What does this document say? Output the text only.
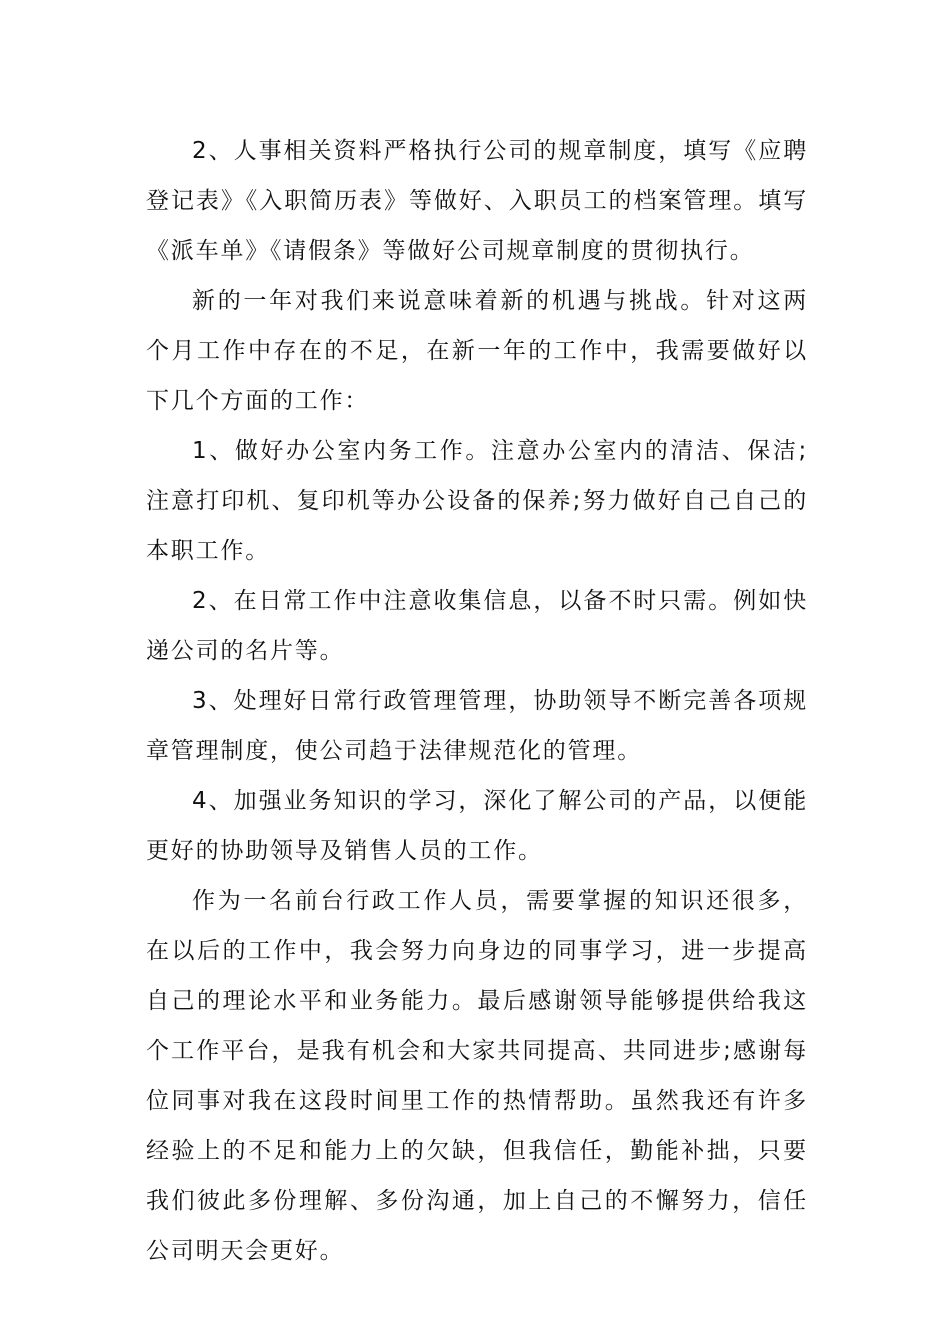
2、人事相关资料严格执行公司的规章制度，填写《应聘登记表》《入职简历表》等做好、入职员工的档案管理。填写《派车单》《请假条》等做好公司规章制度的贯彻执行。

新的一年对我们来说意味着新的机遇与挑战。针对这两个月工作中存在的不足，在新一年的工作中，我需要做好以下几个方面的工作：

1、做好办公室内务工作。注意办公室内的清洁、保洁;注意打印机、复印机等办公设备的保养;努力做好自己自己的本职工作。

2、在日常工作中注意收集信息，以备不时只需。例如快递公司的名片等。

3、处理好日常行政管理管理，协助领导不断完善各项规章管理制度，使公司趋于法律规范化的管理。

4、加强业务知识的学习，深化了解公司的产品，以便能更好的协助领导及销售人员的工作。

作为一名前台行政工作人员，需要掌握的知识还很多，在以后的工作中，我会努力向身边的同事学习，进一步提高自己的理论水平和业务能力。最后感谢领导能够提供给我这个工作平台，是我有机会和大家共同提高、共同进步;感谢每位同事对我在这段时间里工作的热情帮助。虽然我还有许多经验上的不足和能力上的欠缺，但我信任，勤能补拙，只要我们彼此多份理解、多份沟通，加上自己的不懈努力，信任公司明天会更好。
